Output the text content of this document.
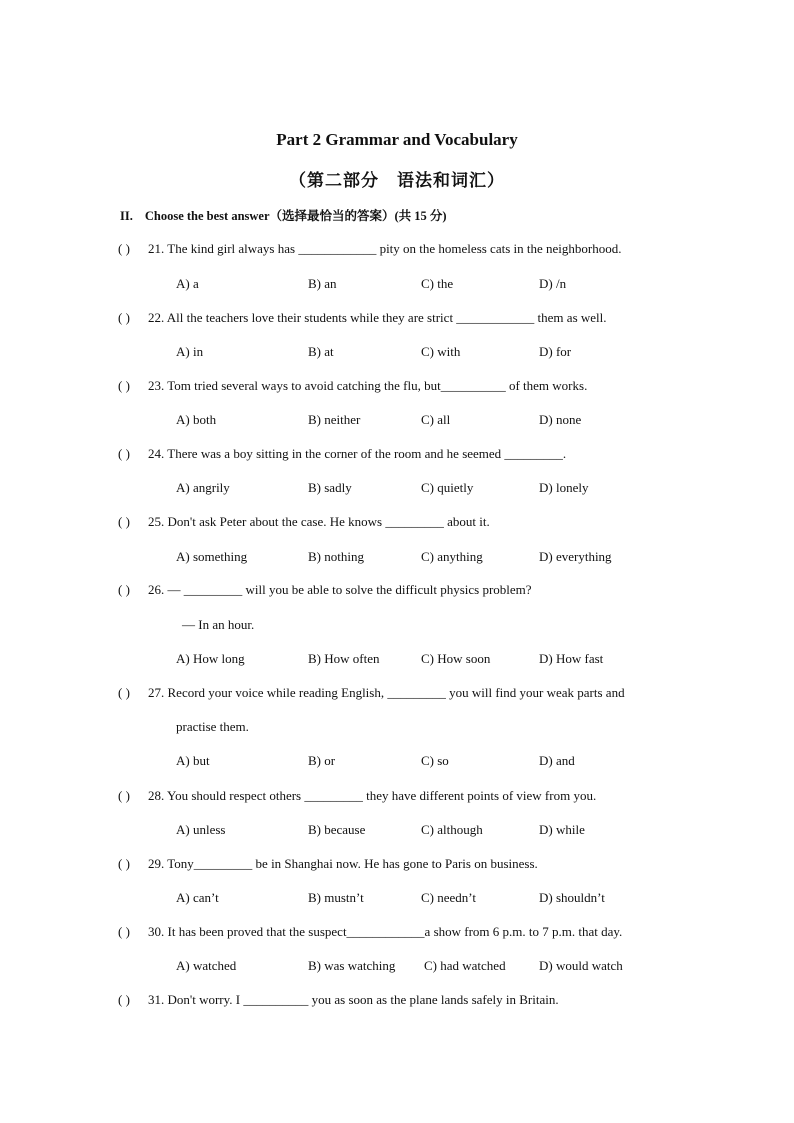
Part 2 Grammar and Vocabulary
（第二部分　语法和词汇）
II. Choose the best answer（选择最恰当的答案）(共 15 分)
( ) 21. The kind girl always has ____________ pity on the homeless cats in the neighborhood.
A) a	B) an	C) the	D) /n
( ) 22. All the teachers love their students while they are strict ____________ them as well.
A) in	B) at	C) with	D) for
( ) 23. Tom tried several ways to avoid catching the flu, but__________ of them works.
A) both	B) neither	C) all	D) none
( ) 24. There was a boy sitting in the corner of the room and he seemed _________.
A) angrily	B) sadly	C) quietly	D) lonely
( ) 25. Don't ask Peter about the case. He knows _________ about it.
A) something	B) nothing	C) anything	D) everything
( ) 26. — _________ will you be able to solve the difficult physics problem?
— In an hour.
A) How long	B) How often	C) How soon	D) How fast
( ) 27. Record your voice while reading English, _________ you will find your weak parts and
practise them.
A) but	B) or	C) so	D) and
( ) 28. You should respect others _________ they have different points of view from you.
A) unless	B) because	C) although	D) while
( ) 29. Tony_________ be in Shanghai now. He has gone to Paris on business.
A) can’t	B) mustn’t	C) needn’t	D) shouldn’t
( ) 30. It has been proved that the suspect____________a show from 6 p.m. to 7 p.m. that day.
A) watched	B) was watching C) had watched	D) would watch
( ) 31. Don't worry. I __________ you as soon as the plane lands safely in Britain.
